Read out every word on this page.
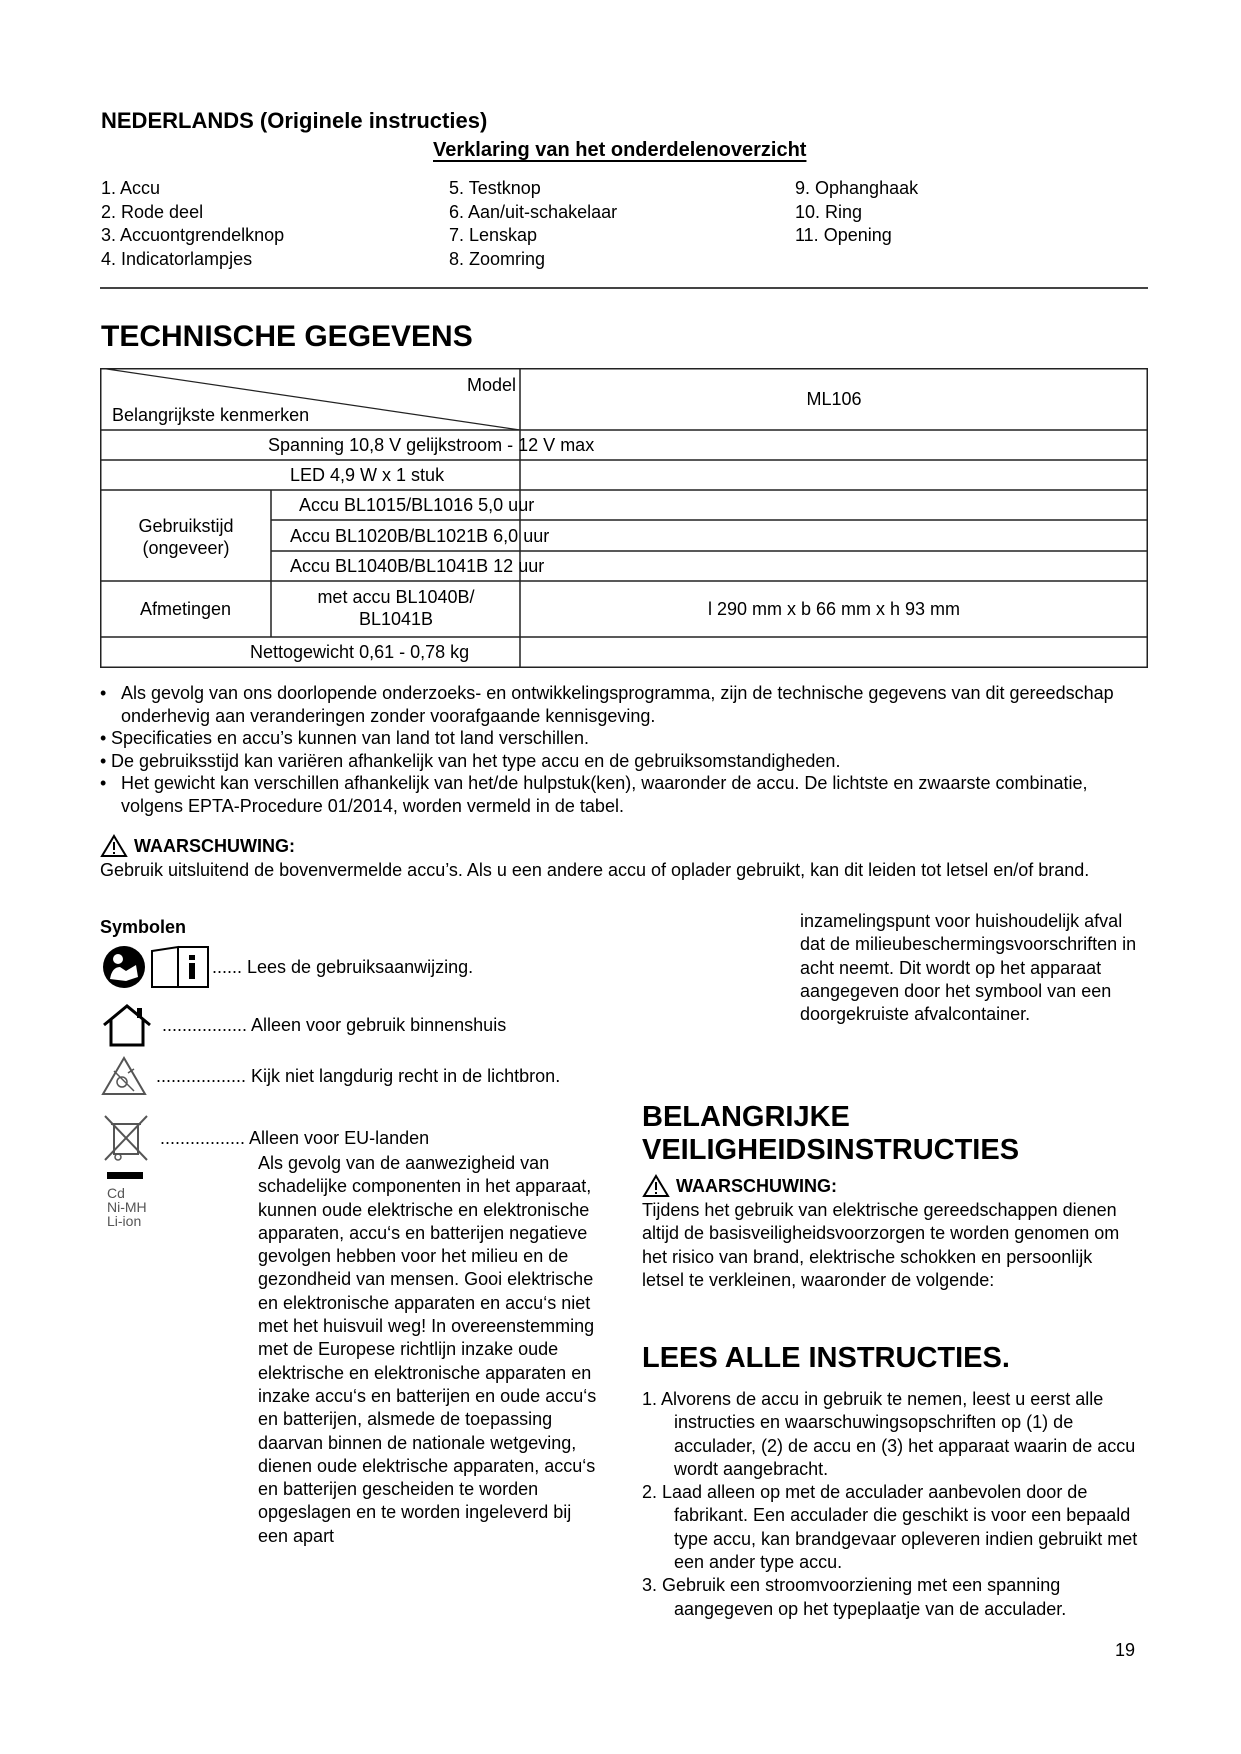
NEDERLANDS (Originele instructies)
Verklaring van het onderdelenoverzicht
1. Accu
2. Rode deel
3. Accuontgrendelknop
4. Indicatorlampjes
5. Testknop
6. Aan/uit-schakelaar
7. Lenskap
8. Zoomring
9. Ophanghaak
10. Ring
11. Opening
TECHNISCHE GEGEVENS
Model
Belangrijkste kenmerken
ML106
Spanning 10,8 V gelijkstroom - 12 V max
LED 4,9 W x 1 stuk
Gebruikstijd (ongeveer)
Accu BL1015/BL1016 5,0 uur
Accu BL1020B/BL1021B 6,0 uur
Accu BL1040B/BL1041B 12 uur
Afmetingen
met accu BL1040B/ BL1041B	l 290 mm x b 66 mm x h 93 mm
Nettogewicht 0,61 - 0,78 kg
• Als gevolg van ons doorlopende onderzoeks- en ontwikkelingsprogramma, zijn de technische gegevens van dit gereedschap onderhevig aan veranderingen zonder voorafgaande kennisgeving.
• Specificaties en accu’s kunnen van land tot land verschillen.
• De gebruiksstijd kan variëren afhankelijk van het type accu en de gebruiksomstandigheden.
• Het gewicht kan verschillen afhankelijk van het/de hulpstuk(ken), waaronder de accu. De lichtste en zwaarste combinatie, volgens EPTA-Procedure 01/2014, worden vermeld in de tabel.
WAARSCHUWING:
Gebruik uitsluitend de bovenvermelde accu’s. Als u een andere accu of oplader gebruikt, kan dit leiden tot letsel en/of brand.
Symbolen
...... Lees de gebruiksaanwijzing.
................. Alleen voor gebruik binnenshuis
.................. Kijk niet langdurig recht in de lichtbron.
................. Alleen voor EU-landen
Cd
Ni-MH
Li-ion
Als gevolg van de aanwezigheid van schadelijke componenten in het apparaat, kunnen oude elektrische en elektronische apparaten, accu‘s en batterijen negatieve gevolgen hebben voor het milieu en de gezondheid van mensen. Gooi elektrische en elektronische apparaten en accu‘s niet met het huisvuil weg! In overeenstemming met de Europese richtlijn inzake oude elektrische en elektronische apparaten en inzake accu‘s en batterijen en oude accu‘s en batterijen, alsmede de toepassing daarvan binnen de nationale wetgeving, dienen oude elektrische apparaten, accu‘s en batterijen gescheiden te worden opgeslagen en te worden ingeleverd bij een apart
inzamelingspunt voor huishoudelijk afval dat de milieubeschermingsvoorschriften in acht neemt. Dit wordt op het apparaat aangegeven door het symbool van een doorgekruiste afvalcontainer.
BELANGRIJKE VEILIGHEIDSINSTRUCTIES
WAARSCHUWING:
Tijdens het gebruik van elektrische gereedschappen dienen altijd de basisveiligheidsvoorzorgen te worden genomen om het risico van brand, elektrische schokken en persoonlijk letsel te verkleinen, waaronder de volgende:
LEES ALLE INSTRUCTIES.
1. Alvorens de accu in gebruik te nemen, leest u eerst alle instructies en waarschuwingsopschriften op (1) de acculader, (2) de accu en (3) het apparaat waarin de accu wordt aangebracht.
2. Laad alleen op met de acculader aanbevolen door de fabrikant. Een acculader die geschikt is voor een bepaald type accu, kan brandgevaar opleveren indien gebruikt met een ander type accu.
3. Gebruik een stroomvoorziening met een spanning aangegeven op het typeplaatje van de acculader.
19
